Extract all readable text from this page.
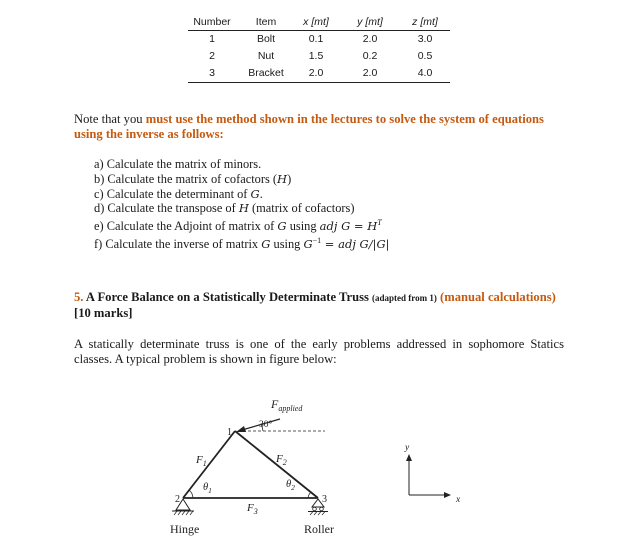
Number	Item	x [mt]	y [mt]	z [mt]
1	Bolt	0.1	2.0	3.0
2	Nut	1.5	0.2	0.5
3	Bracket	2.0	2.0	4.0
Note that you must use the method shown in the lectures to solve the system of equations using the inverse as follows:
a) Calculate the matrix of minors.
b) Calculate the matrix of cofactors (H)
c) Calculate the determinant of G.
d) Calculate the transpose of H (matrix of cofactors)
e) Calculate the Adjoint of matrix of G using adj $G = H^T$
f) Calculate the inverse of matrix G using $G^{-1}$ = adj G/|G|
5. A Force Balance on a Statistically Determinate Truss (adapted from 1) (manual calculations)
[10 marks]
A statically determinate truss is one of the early problems addressed in sophomore Statics classes. A typical problem is shown in figure below:
$F_{applied}$
30°
1
2	3
$F_1$	$F_2$
$F_3$
$\theta_1$
$\theta_2$
Hinge	Roller
y
x
